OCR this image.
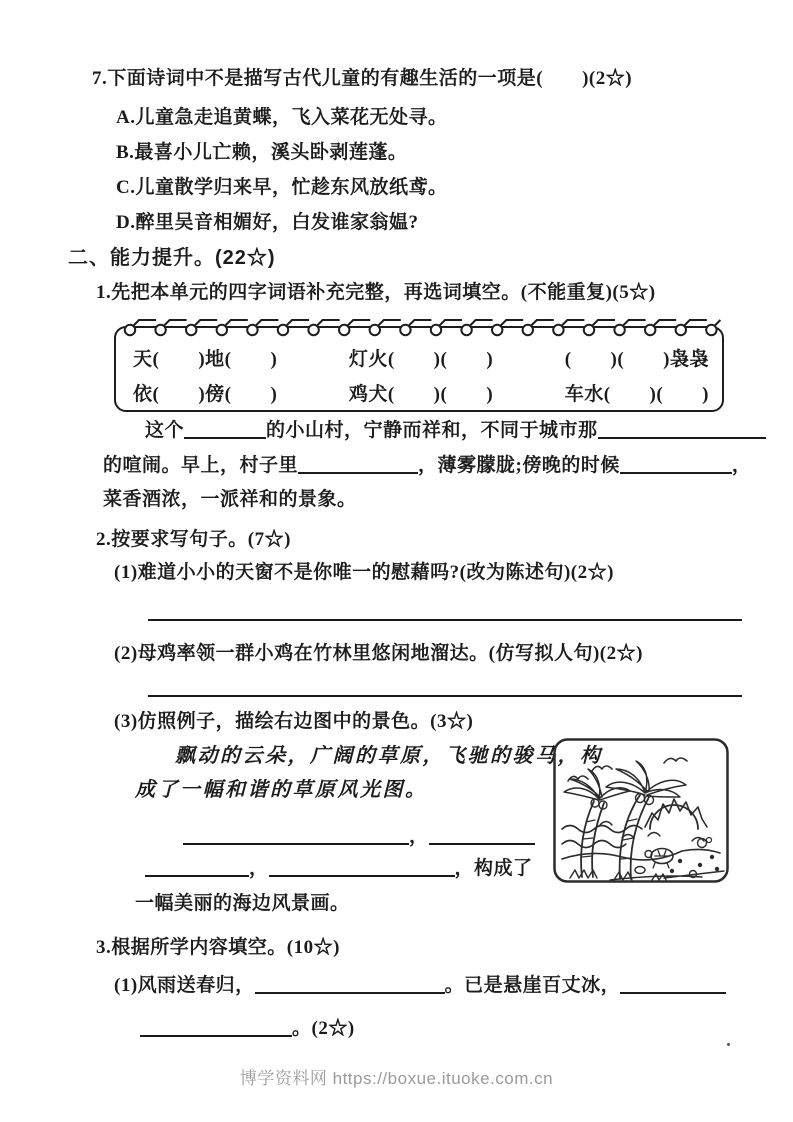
7.下面诗词中不是描写古代儿童的有趣生活的一项是(　　)(2☆)
A.儿童急走追黄蝶，飞入菜花无处寻。
B.最喜小儿亡赖，溪头卧剥莲蓬。
C.儿童散学归来早，忙趁东风放纸鸢。
D.醉里吴音相媚好，白发谁家翁媪?
二、能力提升。(22☆)
1.先把本单元的四字词语补充完整，再选词填空。(不能重复)(5☆)
天(　　)地(　　)	灯火(　　)(　　)	(　　)(　　)袅袅
依(　　)傍(　　)	鸡犬(　　)(　　)	车水(　　)(　　)
这个	的小山村，宁静而祥和，不同于城市那
的喧闹。早上，村子里	，薄雾朦胧;傍晚的时候	，
菜香酒浓，一派祥和的景象。
2.按要求写句子。(7☆)
(1)难道小小的天窗不是你唯一的慰藉吗?(改为陈述句)(2☆)
(2)母鸡率领一群小鸡在竹林里悠闲地溜达。(仿写拟人句)(2☆)
(3)仿照例子，描绘右边图中的景色。(3☆)
飘动的云朵，广阔的草原，飞驰的骏马，构
成了一幅和谐的草原风光图。
，
，	，构成了
一幅美丽的海边风景画。
3.根据所学内容填空。(10☆)
(1)风雨送春归，	。已是悬崖百丈冰，
。(2☆)
博学资料网 https://boxue.ituoke.com.cn
